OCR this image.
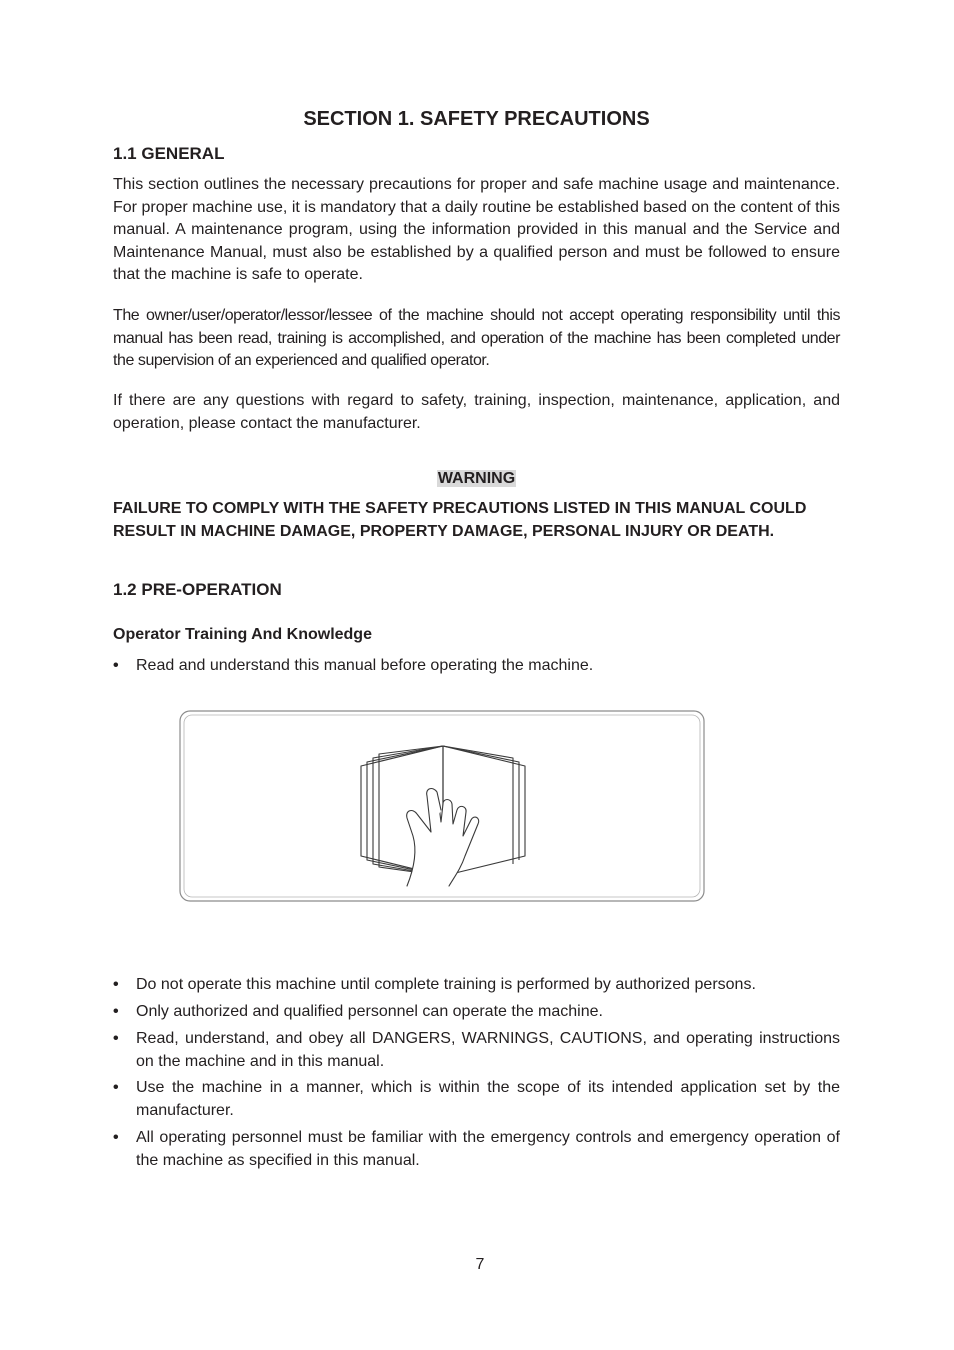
SECTION 1. SAFETY PRECAUTIONS
1.1 GENERAL

This section outlines the necessary precautions for proper and safe machine usage and maintenance. For proper machine use, it is mandatory that a daily routine be established based on the content of this manual. A maintenance program, using the information provided in this manual and the Service and Maintenance Manual, must also be established by a qualified person and must be followed to ensure that the machine is safe to operate.

The owner/user/operator/lessor/lessee of the machine should not accept operating responsibility until this manual has been read, training is accomplished, and operation of the machine has been completed under the supervision of an experienced and qualified operator.

If there are any questions with regard to safety, training, inspection, maintenance, application, and operation, please contact the manufacturer.

WARNING

FAILURE TO COMPLY WITH THE SAFETY PRECAUTIONS LISTED IN THIS MANUAL COULD RESULT IN MACHINE DAMAGE, PROPERTY DAMAGE, PERSONAL INJURY OR DEATH.

1.2 PRE-OPERATION
Operator Training And Knowledge
• Read and understand this manual before operating the machine.
• Do not operate this machine until complete training is performed by authorized persons.
• Only authorized and qualified personnel can operate the machine.
• Read, understand, and obey all DANGERS, WARNINGS, CAUTIONS, and operating instructions on the machine and in this manual.
• Use the machine in a manner, which is within the scope of its intended application set by the manufacturer.
• All operating personnel must be familiar with the emergency controls and emergency operation of the machine as specified in this manual.

7
